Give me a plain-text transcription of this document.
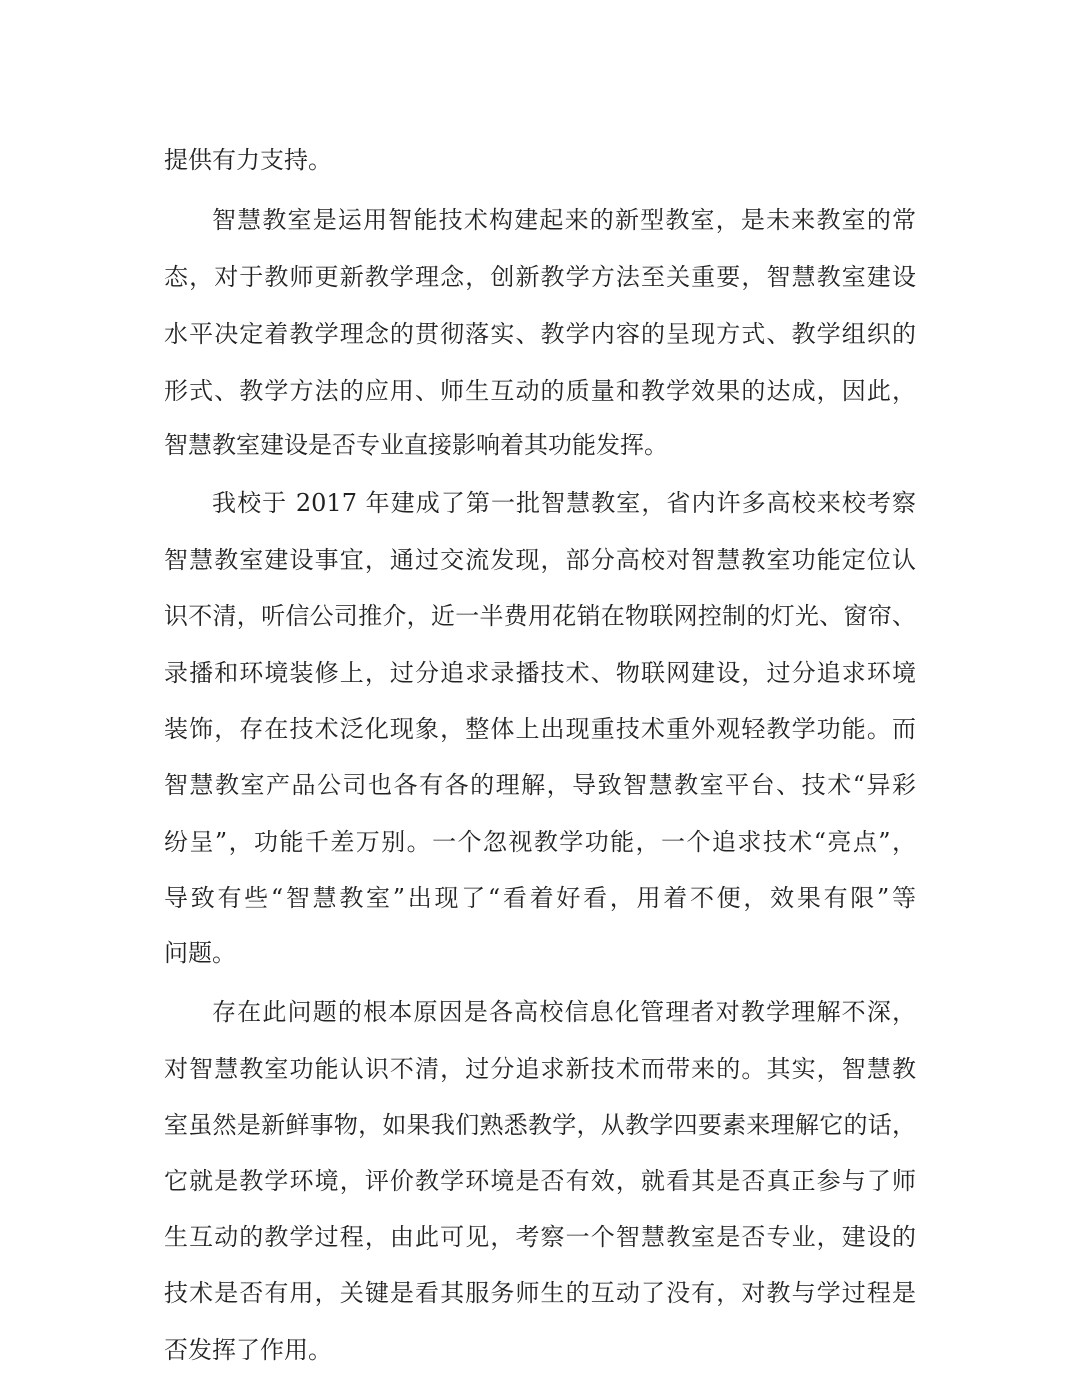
提供有力支持。
智慧教室是运用智能技术构建起来的新型教室，是未来教室的常
态，对于教师更新教学理念，创新教学方法至关重要，智慧教室建设
水平决定着教学理念的贯彻落实、教学内容的呈现方式、教学组织的
形式、教学方法的应用、师生互动的质量和教学效果的达成，因此，
智慧教室建设是否专业直接影响着其功能发挥。
我校于 2017 年建成了第一批智慧教室，省内许多高校来校考察
智慧教室建设事宜，通过交流发现，部分高校对智慧教室功能定位认
识不清，听信公司推介，近一半费用花销在物联网控制的灯光、窗帘、
录播和环境装修上，过分追求录播技术、物联网建设，过分追求环境
装饰，存在技术泛化现象，整体上出现重技术重外观轻教学功能。而
智慧教室产品公司也各有各的理解，导致智慧教室平台、技术“异彩
纷呈”，功能千差万别。一个忽视教学功能，一个追求技术“亮点”，
导致有些“智慧教室”出现了“看着好看，用着不便，效果有限”等
问题。
存在此问题的根本原因是各高校信息化管理者对教学理解不深，
对智慧教室功能认识不清，过分追求新技术而带来的。其实，智慧教
室虽然是新鲜事物，如果我们熟悉教学，从教学四要素来理解它的话，
它就是教学环境，评价教学环境是否有效，就看其是否真正参与了师
生互动的教学过程，由此可见，考察一个智慧教室是否专业，建设的
技术是否有用，关键是看其服务师生的互动了没有，对教与学过程是
否发挥了作用。
